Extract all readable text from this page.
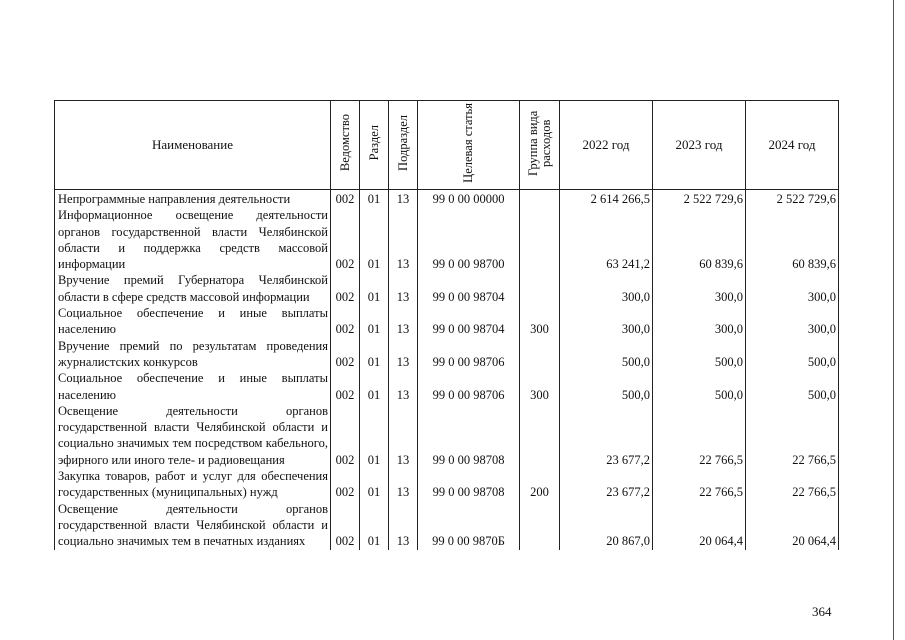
Наименование	Ведомство	Раздел	Подраздел	Целевая статья	Группа вида расходов	2022 год	2023 год	2024 год
Непрограммные направления деятельности	002	01	13	99 0 00 00000		2 614 266,5	2 522 729,6	2 522 729,6
Информационное освещение деятельности органов государственной власти Челябинской области и поддержка средств массовой информации	002	01	13	99 0 00 98700		63 241,2	60 839,6	60 839,6
Вручение премий Губернатора Челябинской области в сфере средств массовой информации	002	01	13	99 0 00 98704		300,0	300,0	300,0
Социальное обеспечение и иные выплаты населению	002	01	13	99 0 00 98704	300	300,0	300,0	300,0
Вручение премий по результатам проведения журналистских конкурсов	002	01	13	99 0 00 98706		500,0	500,0	500,0
Социальное обеспечение и иные выплаты населению	002	01	13	99 0 00 98706	300	500,0	500,0	500,0
Освещение деятельности органов государственной власти Челябинской области и социально значимых тем посредством кабельного, эфирного или иного теле- и радиовещания	002	01	13	99 0 00 98708		23 677,2	22 766,5	22 766,5
Закупка товаров, работ и услуг для обеспечения государственных (муниципальных) нужд	002	01	13	99 0 00 98708	200	23 677,2	22 766,5	22 766,5
Освещение деятельности органов государственной власти Челябинской области и социально значимых тем в печатных изданиях	002	01	13	99 0 00 9870Б		20 867,0	20 064,4	20 064,4
364
